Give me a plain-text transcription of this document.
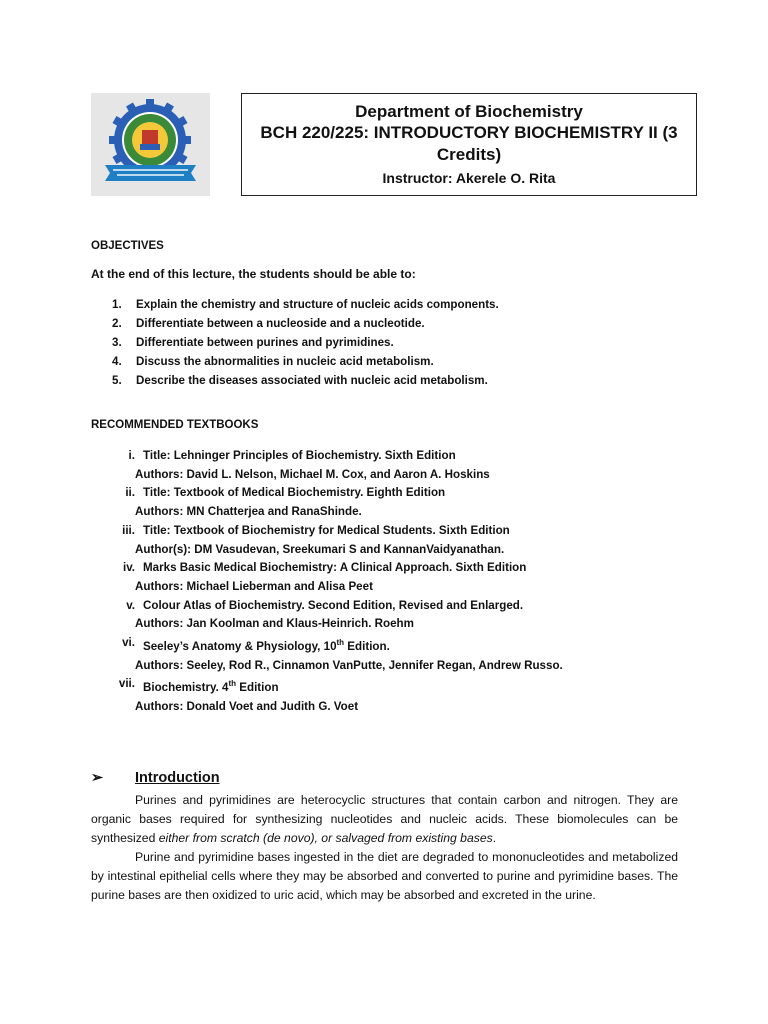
Department of Biochemistry
BCH 220/225: INTRODUCTORY BIOCHEMISTRY II (3 Credits)
Instructor: Akerele O. Rita
OBJECTIVES
At the end of this lecture, the students should be able to:
1. Explain the chemistry and structure of nucleic acids components.
2. Differentiate between a nucleoside and a nucleotide.
3. Differentiate between purines and pyrimidines.
4. Discuss the abnormalities in nucleic acid metabolism.
5. Describe the diseases associated with nucleic acid metabolism.
RECOMMENDED TEXTBOOKS
i. Title: Lehninger Principles of Biochemistry. Sixth Edition
Authors: David L. Nelson, Michael M. Cox, and Aaron A. Hoskins
ii. Title: Textbook of Medical Biochemistry. Eighth Edition
Authors: MN Chatterjea and RanaShinde.
iii. Title: Textbook of Biochemistry for Medical Students. Sixth Edition
Author(s): DM Vasudevan, Sreekumari S and KannanVaidyanathan.
iv. Marks Basic Medical Biochemistry: A Clinical Approach. Sixth Edition
Authors: Michael Lieberman and Alisa Peet
v. Colour Atlas of Biochemistry. Second Edition, Revised and Enlarged.
Authors: Jan Koolman and Klaus-Heinrich. Roehm
vi. Seeley’s Anatomy & Physiology, 10th Edition.
Authors: Seeley, Rod R., Cinnamon VanPutte, Jennifer Regan, Andrew Russo.
vii. Biochemistry. 4th Edition
Authors: Donald Voet and Judith G. Voet
➢ Introduction

Purines and pyrimidines are heterocyclic structures that contain carbon and nitrogen. They are organic bases required for synthesizing nucleotides and nucleic acids. These biomolecules can be synthesized either from scratch (de novo), or salvaged from existing bases.

Purine and pyrimidine bases ingested in the diet are degraded to mononucleotides and metabolized by intestinal epithelial cells where they may be absorbed and converted to purine and pyrimidine bases. The purine bases are then oxidized to uric acid, which may be absorbed and excreted in the urine.
